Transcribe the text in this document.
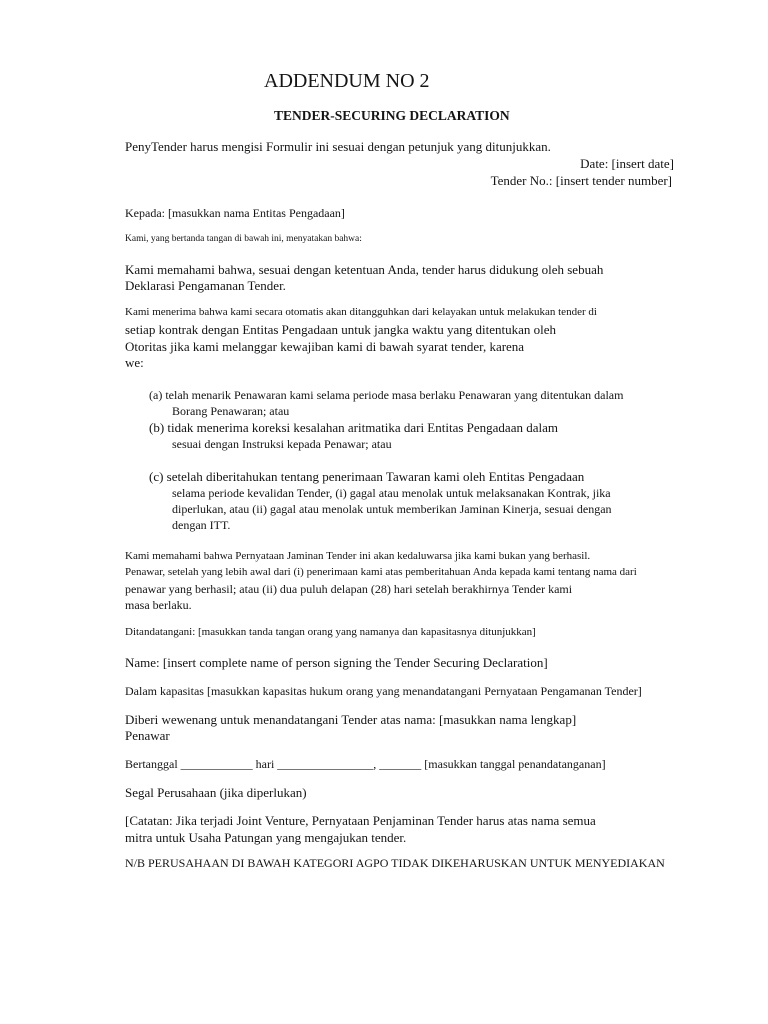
ADDENDUM NO 2
TENDER-SECURING DECLARATION
PenyTender harus mengisi Formulir ini sesuai dengan petunjuk yang ditunjukkan.
Date: [insert date]
Tender No.: [insert tender number]
Kepada: [masukkan nama Entitas Pengadaan]
Kami, yang bertanda tangan di bawah ini, menyatakan bahwa:
Kami memahami bahwa, sesuai dengan ketentuan Anda, tender harus didukung oleh sebuah
Deklarasi Pengamanan Tender.
Kami menerima bahwa kami secara otomatis akan ditangguhkan dari kelayakan untuk melakukan tender di
setiap kontrak dengan Entitas Pengadaan untuk jangka waktu yang ditentukan oleh
Otoritas jika kami melanggar kewajiban kami di bawah syarat tender, karena
we:
(a) telah menarik Penawaran kami selama periode masa berlaku Penawaran yang ditentukan dalam
Borang Penawaran; atau
(b) tidak menerima koreksi kesalahan aritmatika dari Entitas Pengadaan dalam
sesuai dengan Instruksi kepada Penawar; atau
(c) setelah diberitahukan tentang penerimaan Tawaran kami oleh Entitas Pengadaan
selama periode kevalidan Tender, (i) gagal atau menolak untuk melaksanakan Kontrak, jika
diperlukan, atau (ii) gagal atau menolak untuk memberikan Jaminan Kinerja, sesuai dengan
dengan ITT.
Kami memahami bahwa Pernyataan Jaminan Tender ini akan kedaluwarsa jika kami bukan yang berhasil.
Penawar, setelah yang lebih awal dari (i) penerimaan kami atas pemberitahuan Anda kepada kami tentang nama dari
penawar yang berhasil; atau (ii) dua puluh delapan (28) hari setelah berakhirnya Tender kami
masa berlaku.
Ditandatangani: [masukkan tanda tangan orang yang namanya dan kapasitasnya ditunjukkan]
Name: [insert complete name of person signing the Tender Securing Declaration]
Dalam kapasitas [masukkan kapasitas hukum orang yang menandatangani Pernyataan Pengamanan Tender]
Diberi wewenang untuk menandatangani Tender atas nama: [masukkan nama lengkap]
Penawar
Bertanggal ____________ hari ________________, _______ [masukkan tanggal penandatanganan]
Segal Perusahaan (jika diperlukan)
[Catatan: Jika terjadi Joint Venture, Pernyataan Penjaminan Tender harus atas nama semua
mitra untuk Usaha Patungan yang mengajukan tender.
N/B PERUSAHAAN DI BAWAH KATEGORI AGPO TIDAK DIKEHARUSKAN UNTUK MENYEDIAKAN
